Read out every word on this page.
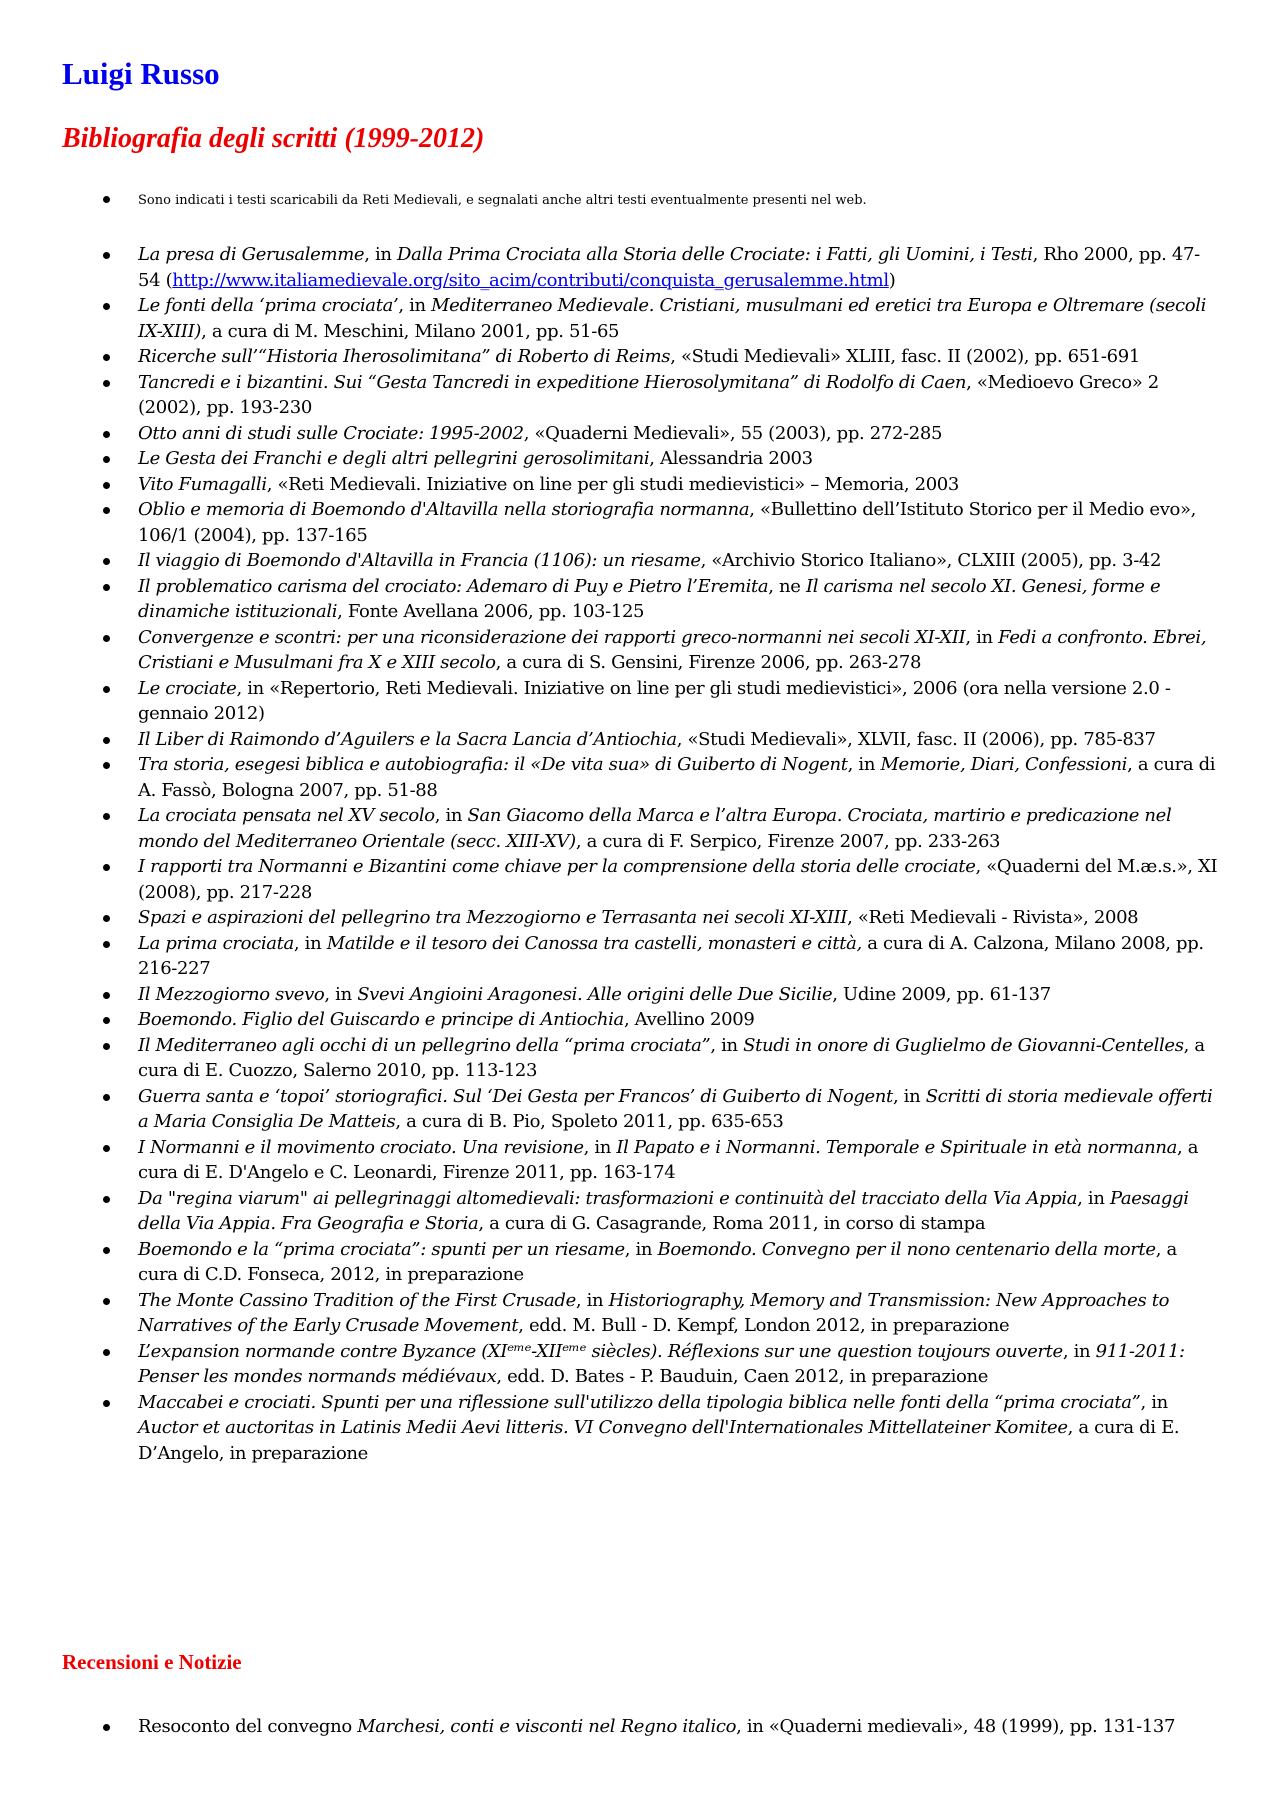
Luigi Russo
Bibliografia degli scritti (1999-2012)

Sono indicati i testi scaricabili da Reti Medievali, e segnalati anche altri testi eventualmente presenti nel web.

La presa di Gerusalemme, in Dalla Prima Crociata alla Storia delle Crociate: i Fatti, gli Uomini, i Testi, Rho 2000, pp. 47-54 (http://www.italiamedievale.org/sito_acim/contributi/conquista_gerusalemme.html)
Le fonti della ‘prima crociata’, in Mediterraneo Medievale. Cristiani, musulmani ed eretici tra Europa e Oltremare (secoli IX-XIII), a cura di M. Meschini, Milano 2001, pp. 51-65
Ricerche sull’“Historia Iherosolimitana” di Roberto di Reims, «Studi Medievali» XLIII, fasc. II (2002), pp. 651-691
Tancredi e i bizantini. Sui “Gesta Tancredi in expeditione Hierosolymitana” di Rodolfo di Caen, «Medioevo Greco» 2 (2002), pp. 193-230
Otto anni di studi sulle Crociate: 1995-2002, «Quaderni Medievali», 55 (2003), pp. 272-285
Le Gesta dei Franchi e degli altri pellegrini gerosolimitani, Alessandria 2003
Vito Fumagalli, «Reti Medievali. Iniziative on line per gli studi medievistici» – Memoria, 2003
Oblio e memoria di Boemondo d'Altavilla nella storiografia normanna, «Bullettino dell’Istituto Storico per il Medio evo», 106/1 (2004), pp. 137-165
Il viaggio di Boemondo d'Altavilla in Francia (1106): un riesame, «Archivio Storico Italiano», CLXIII (2005), pp. 3-42
Il problematico carisma del crociato: Ademaro di Puy e Pietro l’Eremita, ne Il carisma nel secolo XI. Genesi, forme e dinamiche istituzionali, Fonte Avellana 2006, pp. 103-125
Convergenze e scontri: per una riconsiderazione dei rapporti greco-normanni nei secoli XI-XII, in Fedi a confronto. Ebrei, Cristiani e Musulmani fra X e XIII secolo, a cura di S. Gensini, Firenze 2006, pp. 263-278
Le crociate, in «Repertorio, Reti Medievali. Iniziative on line per gli studi medievistici», 2006 (ora nella versione 2.0 - gennaio 2012)
Il Liber di Raimondo d’Aguilers e la Sacra Lancia d’Antiochia, «Studi Medievali», XLVII, fasc. II (2006), pp. 785-837
Tra storia, esegesi biblica e autobiografia: il «De vita sua» di Guiberto di Nogent, in Memorie, Diari, Confessioni, a cura di A. Fassò, Bologna 2007, pp. 51-88
La crociata pensata nel XV secolo, in San Giacomo della Marca e l’altra Europa. Crociata, martirio e predicazione nel mondo del Mediterraneo Orientale (secc. XIII-XV), a cura di F. Serpico, Firenze 2007, pp. 233-263
I rapporti tra Normanni e Bizantini come chiave per la comprensione della storia delle crociate, «Quaderni del M.æ.s.», XI (2008), pp. 217-228
Spazi e aspirazioni del pellegrino tra Mezzogiorno e Terrasanta nei secoli XI-XIII, «Reti Medievali - Rivista», 2008
La prima crociata, in Matilde e il tesoro dei Canossa tra castelli, monasteri e città, a cura di A. Calzona, Milano 2008, pp. 216-227
Il Mezzogiorno svevo, in Svevi Angioini Aragonesi. Alle origini delle Due Sicilie, Udine 2009, pp. 61-137
Boemondo. Figlio del Guiscardo e principe di Antiochia, Avellino 2009
Il Mediterraneo agli occhi di un pellegrino della “prima crociata”, in Studi in onore di Guglielmo de Giovanni-Centelles, a cura di E. Cuozzo, Salerno 2010, pp. 113-123
Guerra santa e ‘topoi’ storiografici. Sul ‘Dei Gesta per Francos’ di Guiberto di Nogent, in Scritti di storia medievale offerti a Maria Consiglia De Matteis, a cura di B. Pio, Spoleto 2011, pp. 635-653
I Normanni e il movimento crociato. Una revisione, in Il Papato e i Normanni. Temporale e Spirituale in età normanna, a cura di E. D'Angelo e C. Leonardi, Firenze 2011, pp. 163-174
Da "regina viarum" ai pellegrinaggi altomedievali: trasformazioni e continuità del tracciato della Via Appia, in Paesaggi della Via Appia. Fra Geografia e Storia, a cura di G. Casagrande, Roma 2011, in corso di stampa
Boemondo e la “prima crociata”: spunti per un riesame, in Boemondo. Convegno per il nono centenario della morte, a cura di C.D. Fonseca, 2012, in preparazione
The Monte Cassino Tradition of the First Crusade, in Historiography, Memory and Transmission: New Approaches to Narratives of the Early Crusade Movement, edd. M. Bull - D. Kempf, London 2012, in preparazione
L’expansion normande contre Byzance (XIᵉᵐᵉ-XIIᵉᵐᵉ siècles). Réflexions sur une question toujours ouverte, in 911-2011: Penser les mondes normands médiévaux, edd. D. Bates - P. Bauduin, Caen 2012, in preparazione
Maccabei e crociati. Spunti per una riflessione sull'utilizzo della tipologia biblica nelle fonti della “prima crociata”, in Auctor et auctoritas in Latinis Medii Aevi litteris. VI Convegno dell'Internationales Mittellateiner Komitee, a cura di E. D’Angelo, in preparazione
Recensioni e Notizie
Resoconto del convegno Marchesi, conti e visconti nel Regno italico, in «Quaderni medievali», 48 (1999), pp. 131-137
